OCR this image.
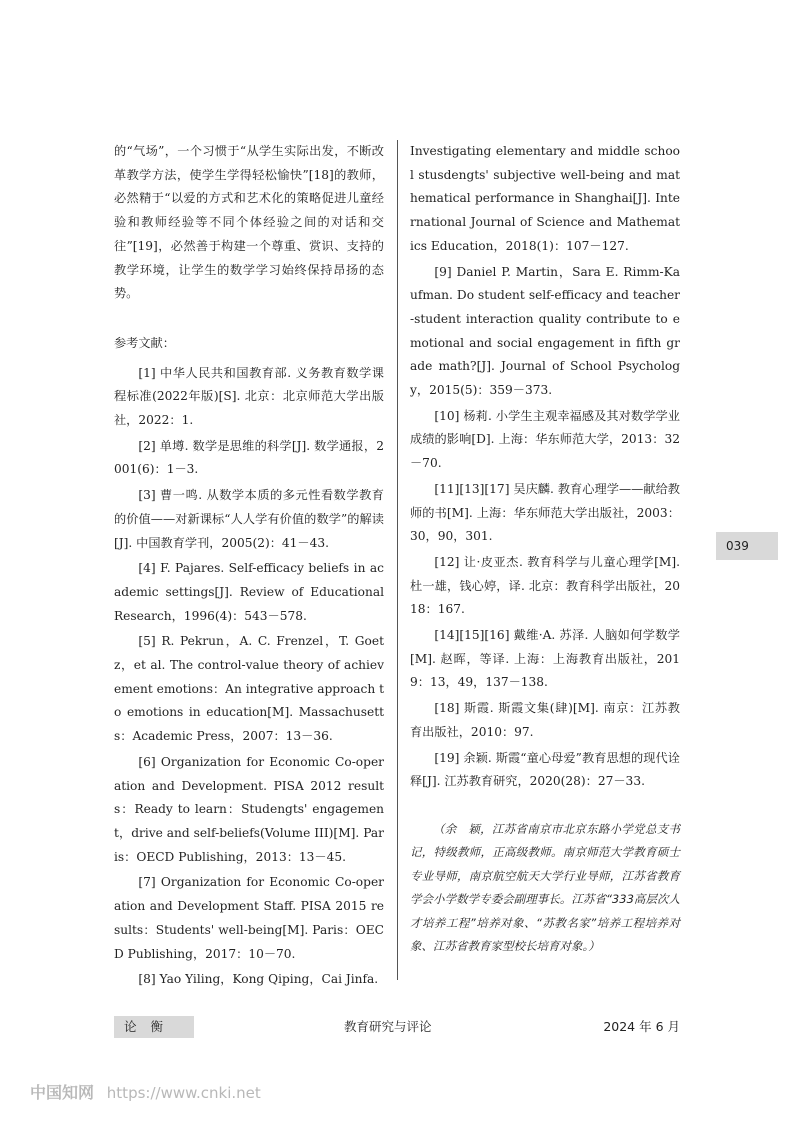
的“气场”，一个习惯于“从学生实际出发，不断改革教学方法，使学生学得轻松愉快”[18]的教师，必然精于“以爱的方式和艺术化的策略促进儿童经验和教师经验等不同个体经验之间的对话和交往”[19]，必然善于构建一个尊重、赏识、支持的教学环境，让学生的数学学习始终保持昂扬的态势。

参考文献：

[1] 中华人民共和国教育部. 义务教育数学课程标准(2022年版)[S]. 北京：北京师范大学出版社，2022：1.

[2] 单墫. 数学是思维的科学[J]. 数学通报，2001(6)：1－3.

[3] 曹一鸣. 从数学本质的多元性看数学教育的价值——对新课标“人人学有价值的数学”的解读[J]. 中国教育学刊，2005(2)：41－43.

[4] F. Pajares. Self-efficacy beliefs in academic settings[J]. Review of Educational Research，1996(4)：543－578.

[5] R. Pekrun，A. C. Frenzel，T. Goetz，et al. The control-value theory of achievement emotions：An integrative approach to emotions in education[M]. Massachusetts：Academic Press，2007：13－36.

[6] Organization for Economic Co-operation and Development. PISA 2012 results：Ready to learn：Studengts' engagement，drive and self-beliefs(Volume III)[M]. Paris：OECD Publishing，2013：13－45.

[7] Organization for Economic Co-operation and Development Staff. PISA 2015 results：Students' well-being[M]. Paris：OECD Publishing，2017：10－70.

[8] Yao Yiling，Kong Qiping，Cai Jinfa.

Investigating elementary and middle school stusdengts' subjective well-being and mathematical performance in Shanghai[J]. International Journal of Science and Mathematics Education，2018(1)：107－127.

[9] Daniel P. Martin，Sara E. Rimm-Kaufman. Do student self-efficacy and teacher-student interaction quality contribute to emotional and social engagement in fifth grade math?[J]. Journal of School Psychology，2015(5)：359－373.

[10] 杨莉. 小学生主观幸福感及其对数学学业成绩的影响[D]. 上海：华东师范大学，2013：32－70.

[11][13][17] 吴庆麟. 教育心理学——献给教师的书[M]. 上海：华东师范大学出版社，2003：30，90，301.

[12] 让·皮亚杰. 教育科学与儿童心理学[M]. 杜一雄，钱心婷，译. 北京：教育科学出版社，2018：167.

[14][15][16] 戴维·A. 苏泽. 人脑如何学数学[M]. 赵晖，等译. 上海：上海教育出版社，2019：13，49，137－138.

[18] 斯霞. 斯霞文集(肆)[M]. 南京：江苏教育出版社，2010：97.

[19] 余颖. 斯霞“童心母爱”教育思想的现代诠释[J]. 江苏教育研究，2020(28)：27－33.

（余　颖，江苏省南京市北京东路小学党总支书记，特级教师，正高级教师。南京师范大学教育硕士专业导师，南京航空航天大学行业导师，江苏省教育学会小学数学专委会副理事长。江苏省“333高层次人才培养工程”培养对象、“苏教名家”培养工程培养对象、江苏省教育家型校长培育对象。）

039
论衡	教育研究与评论	2024 年 6 月
中国知网 https://www.cnki.net
